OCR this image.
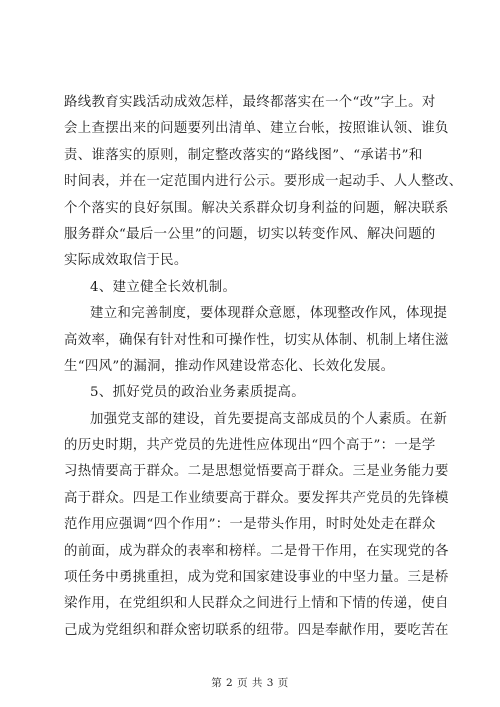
路线教育实践活动成效怎样，最终都落实在一个“改”字上。对
会上查摆出来的问题要列出清单、建立台帐，按照谁认领、谁负
责、谁落实的原则，制定整改落实的“路线图”、“承诺书”和
时间表，并在一定范围内进行公示。要形成一起动手、人人整改、
个个落实的良好氛围。解决关系群众切身利益的问题，解决联系
服务群众“最后一公里”的问题，切实以转变作风、解决问题的
实际成效取信于民。
4、建立健全长效机制。
建立和完善制度，要体现群众意愿，体现整改作风，体现提
高效率，确保有针对性和可操作性，切实从体制、机制上堵住滋
生“四风”的漏洞，推动作风建设常态化、长效化发展。
5、抓好党员的政治业务素质提高。
加强党支部的建设，首先要提高支部成员的个人素质。在新
的历史时期，共产党员的先进性应体现出“四个高于”：一是学
习热情要高于群众。二是思想觉悟要高于群众。三是业务能力要
高于群众。四是工作业绩要高于群众。要发挥共产党员的先锋模
范作用应强调“四个作用”：一是带头作用，时时处处走在群众
的前面，成为群众的表率和榜样。二是骨干作用，在实现党的各
项任务中勇挑重担，成为党和国家建设事业的中坚力量。三是桥
梁作用，在党组织和人民群众之间进行上情和下情的传递，使自
己成为党组织和群众密切联系的纽带。四是奉献作用，要吃苦在
第 2 页 共 3 页
